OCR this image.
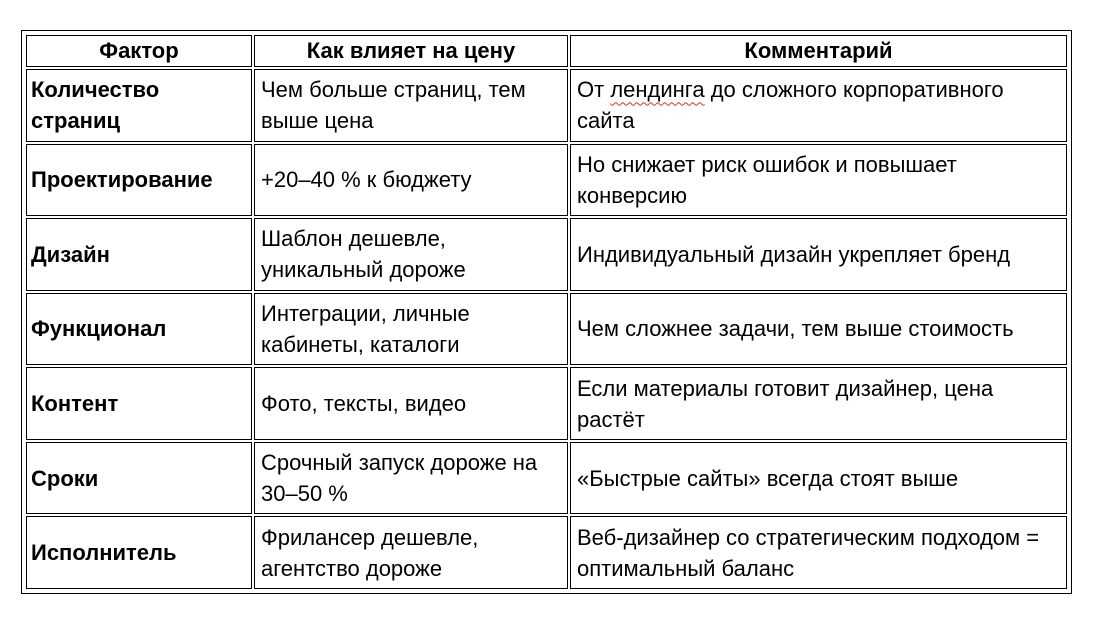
Фактор	Как влияет на цену	Комментарий
Количество страниц	Чем больше страниц, тем выше цена	От лендинга до сложного корпоративного сайта
Проектирование	+20–40 % к бюджету	Но снижает риск ошибок и повышает конверсию
Дизайн	Шаблон дешевле, уникальный дороже	Индивидуальный дизайн укрепляет бренд
Функционал	Интеграции, личные кабинеты, каталоги	Чем сложнее задачи, тем выше стоимость
Контент	Фото, тексты, видео	Если материалы готовит дизайнер, цена растёт
Сроки	Срочный запуск дороже на 30–50 %	«Быстрые сайты» всегда стоят выше
Исполнитель	Фрилансер дешевле, агентство дороже	Веб-дизайнер со стратегическим подходом = оптимальный баланс
